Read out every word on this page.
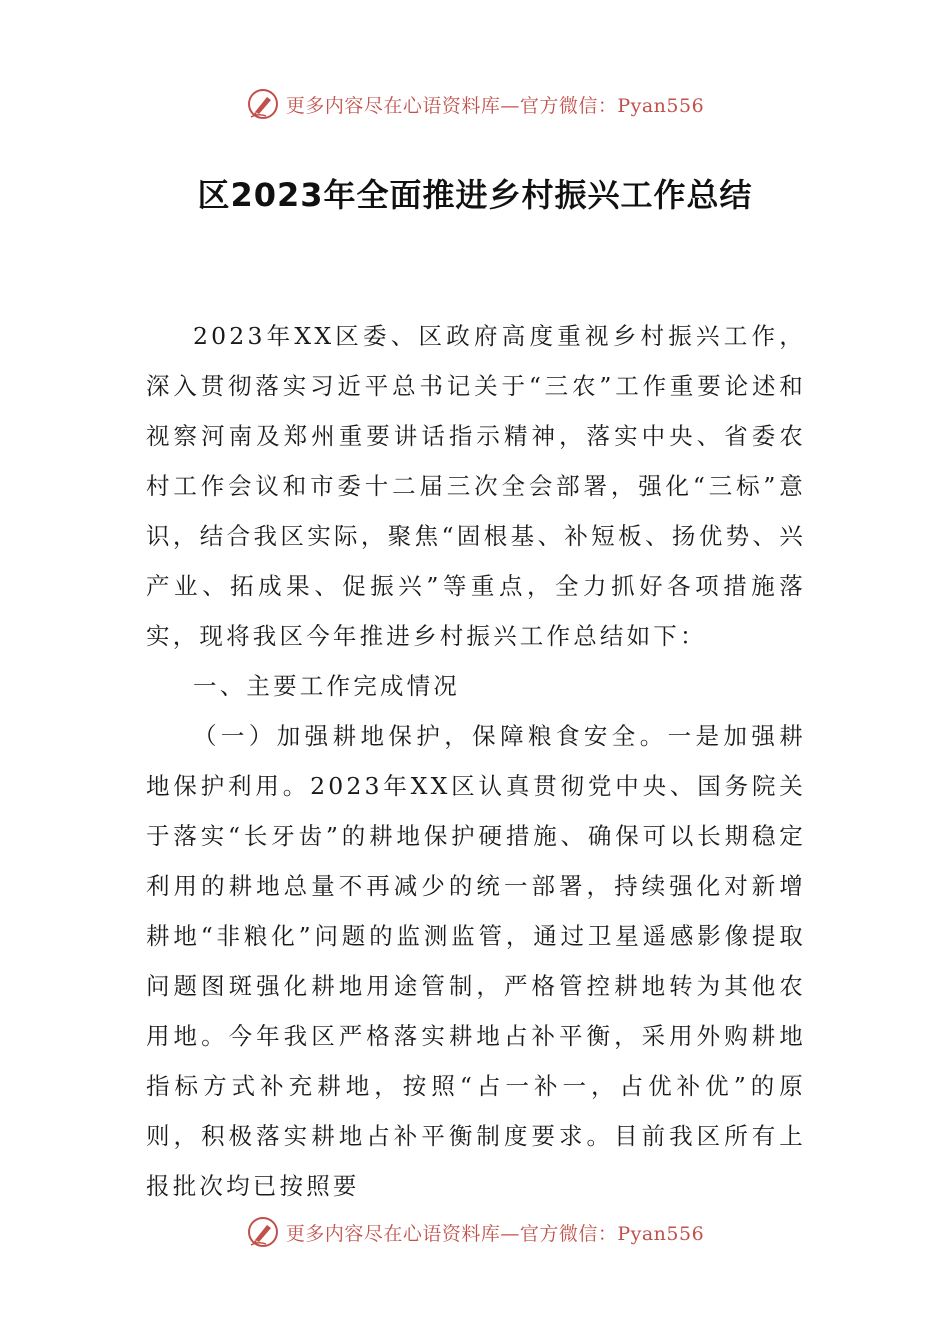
更多内容尽在心语资料库—官方微信：Pyan556
区2023年全面推进乡村振兴工作总结

2023年XX区委、区政府高度重视乡村振兴工作，深入贯彻落实习近平总书记关于“三农”工作重要论述和视察河南及郑州重要讲话指示精神，落实中央、省委农村工作会议和市委十二届三次全会部署，强化“三标”意识，结合我区实际，聚焦“固根基、补短板、扬优势、兴产业、拓成果、促振兴”等重点，全力抓好各项措施落实，现将我区今年推进乡村振兴工作总结如下：

一、主要工作完成情况

（一）加强耕地保护，保障粮食安全。一是加强耕地保护利用。2023年XX区认真贯彻党中央、国务院关于落实“长牙齿”的耕地保护硬措施、确保可以长期稳定利用的耕地总量不再减少的统一部署，持续强化对新增耕地“非粮化”问题的监测监管，通过卫星遥感影像提取问题图斑强化耕地用途管制，严格管控耕地转为其他农用地。今年我区严格落实耕地占补平衡，采用外购耕地指标方式补充耕地，按照“占一补一，占优补优”的原则，积极落实耕地占补平衡制度要求。目前我区所有上报批次均已按照要

更多内容尽在心语资料库—官方微信：Pyan556
